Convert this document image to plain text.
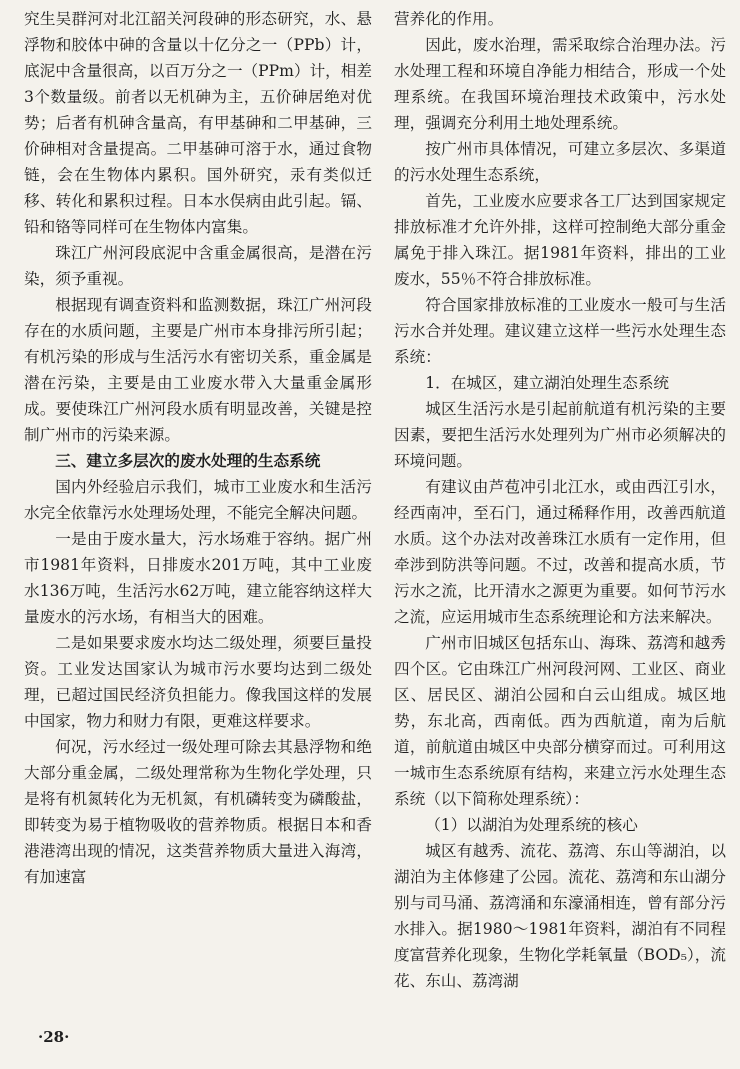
究生吴群河对北江韶关河段砷的形态研究，水、悬浮物和胶体中砷的含量以十亿分之一（PPb）计，底泥中含量很高，以百万分之一（PPm）计，相差3个数量级。前者以无机砷为主，五价砷居绝对优势；后者有机砷含量高，有甲基砷和二甲基砷，三价砷相对含量提高。二甲基砷可溶于水，通过食物链，会在生物体内累积。国外研究，汞有类似迁移、转化和累积过程。日本水俣病由此引起。镉、铅和铬等同样可在生物体内富集。

珠江广州河段底泥中含重金属很高，是潜在污染，须予重视。

根据现有调查资料和监测数据，珠江广州河段存在的水质问题，主要是广州市本身排污所引起；有机污染的形成与生活污水有密切关系，重金属是潜在污染，主要是由工业废水带入大量重金属形成。要使珠江广州河段水质有明显改善，关键是控制广州市的污染来源。

三、建立多层次的废水处理的生态系统

国内外经验启示我们，城市工业废水和生活污水完全依靠污水处理场处理，不能完全解决问题。

一是由于废水量大，污水场难于容纳。据广州市1981年资料，日排废水201万吨，其中工业废水136万吨，生活污水62万吨，建立能容纳这样大量废水的污水场，有相当大的困难。

二是如果要求废水均达二级处理，须要巨量投资。工业发达国家认为城市污水要均达到二级处理，已超过国民经济负担能力。像我国这样的发展中国家，物力和财力有限，更难这样要求。

何况，污水经过一级处理可除去其悬浮物和绝大部分重金属，二级处理常称为生物化学处理，只是将有机氮转化为无机氮，有机磷转变为磷酸盐，即转变为易于植物吸收的营养物质。根据日本和香港港湾出现的情况，这类营养物质大量进入海湾，有加速富

营养化的作用。

因此，废水治理，需采取综合治理办法。污水处理工程和环境自净能力相结合，形成一个处理系统。在我国环境治理技术政策中，污水处理，强调充分利用土地处理系统。

按广州市具体情况，可建立多层次、多渠道的污水处理生态系统，

首先，工业废水应要求各工厂达到国家规定排放标准才允许外排，这样可控制绝大部分重金属免于排入珠江。据1981年资料，排出的工业废水，55％不符合排放标准。

符合国家排放标准的工业废水一般可与生活污水合并处理。建议建立这样一些污水处理生态系统：

1．在城区，建立湖泊处理生态系统

城区生活污水是引起前航道有机污染的主要因素，要把生活污水处理列为广州市必须解决的环境问题。

有建议由芦苞冲引北江水，或由西江引水，经西南冲，至石门，通过稀释作用，改善西航道水质。这个办法对改善珠江水质有一定作用，但牵涉到防洪等问题。不过，改善和提高水质，节污水之流，比开清水之源更为重要。如何节污水之流，应运用城市生态系统理论和方法来解决。

广州市旧城区包括东山、海珠、荔湾和越秀四个区。它由珠江广州河段河网、工业区、商业区、居民区、湖泊公园和白云山组成。城区地势，东北高，西南低。西为西航道，南为后航道，前航道由城区中央部分横穿而过。可利用这一城市生态系统原有结构，来建立污水处理生态系统（以下简称处理系统）：

（1）以湖泊为处理系统的核心

城区有越秀、流花、荔湾、东山等湖泊，以湖泊为主体修建了公园。流花、荔湾和东山湖分别与司马涌、荔湾涌和东濠涌相连，曾有部分污水排入。据1980～1981年资料，湖泊有不同程度富营养化现象，生物化学耗氧量（BOD₅），流花、东山、荔湾湖

·28·
